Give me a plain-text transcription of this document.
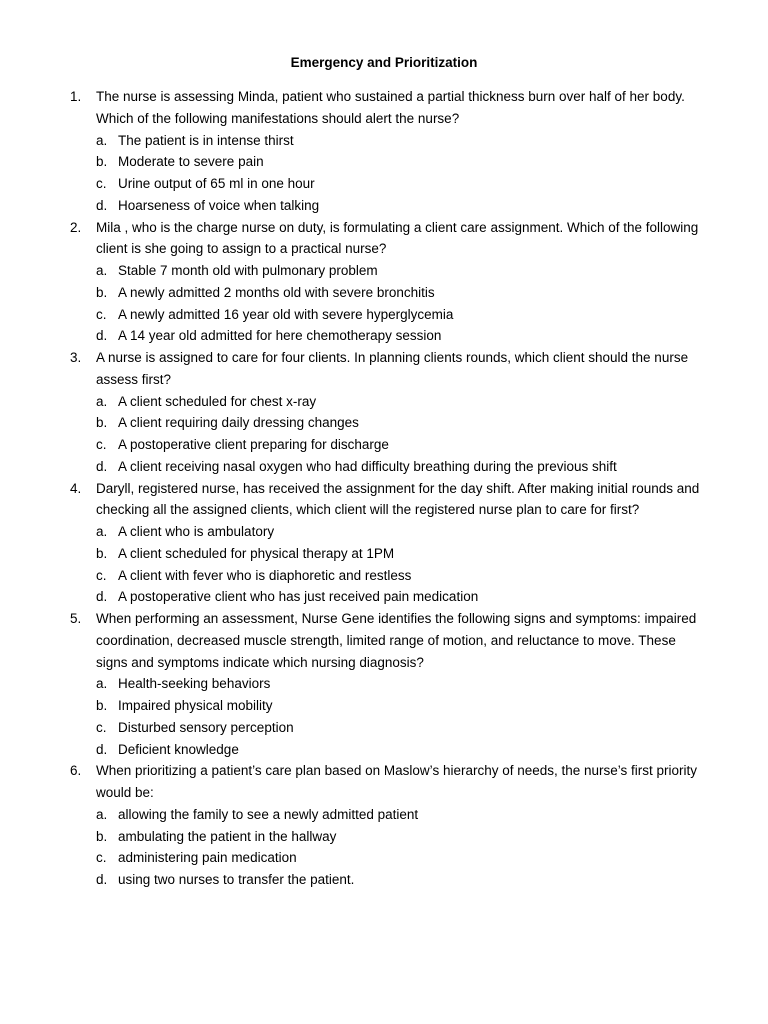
Emergency and Prioritization
1.	The nurse is assessing Minda, patient who sustained a partial thickness burn over half of her body. Which of the following manifestations should alert the nurse?
a. The patient is in intense thirst
b. Moderate to severe pain
c. Urine output of 65 ml in one hour
d. Hoarseness of voice when talking
2.	Mila , who is the charge nurse on duty, is formulating a client care assignment. Which of the following client is she going to assign to a practical nurse?
a. Stable 7 month old with pulmonary problem
b. A newly admitted 2 months old with severe bronchitis
c. A newly admitted 16 year old with severe hyperglycemia
d. A 14 year old admitted for here chemotherapy session
3.	A nurse is assigned to care for four clients. In planning clients rounds, which client should the nurse assess first?
a. A client scheduled for chest x-ray
b. A client requiring daily dressing changes
c. A postoperative client preparing for discharge
d. A client receiving nasal oxygen who had difficulty breathing during the previous shift
4.	Daryll, registered nurse, has received the assignment for the day shift. After making initial rounds and checking all the assigned clients, which client will the registered nurse plan to care for first?
a. A client who is ambulatory
b. A client scheduled for physical therapy at 1PM
c. A client with fever who is diaphoretic and restless
d. A postoperative client who has just received pain medication
5.	When performing an assessment, Nurse Gene identifies the following signs and symptoms: impaired coordination, decreased muscle strength, limited range of motion, and reluctance to move. These signs and symptoms indicate which nursing diagnosis?
a. Health-seeking behaviors
b. Impaired physical mobility
c. Disturbed sensory perception
d. Deficient knowledge
6.	When prioritizing a patient’s care plan based on Maslow’s hierarchy of needs, the nurse’s first priority would be:
a. allowing the family to see a newly admitted patient
b. ambulating the patient in the hallway
c. administering pain medication
d. using two nurses to transfer the patient.
